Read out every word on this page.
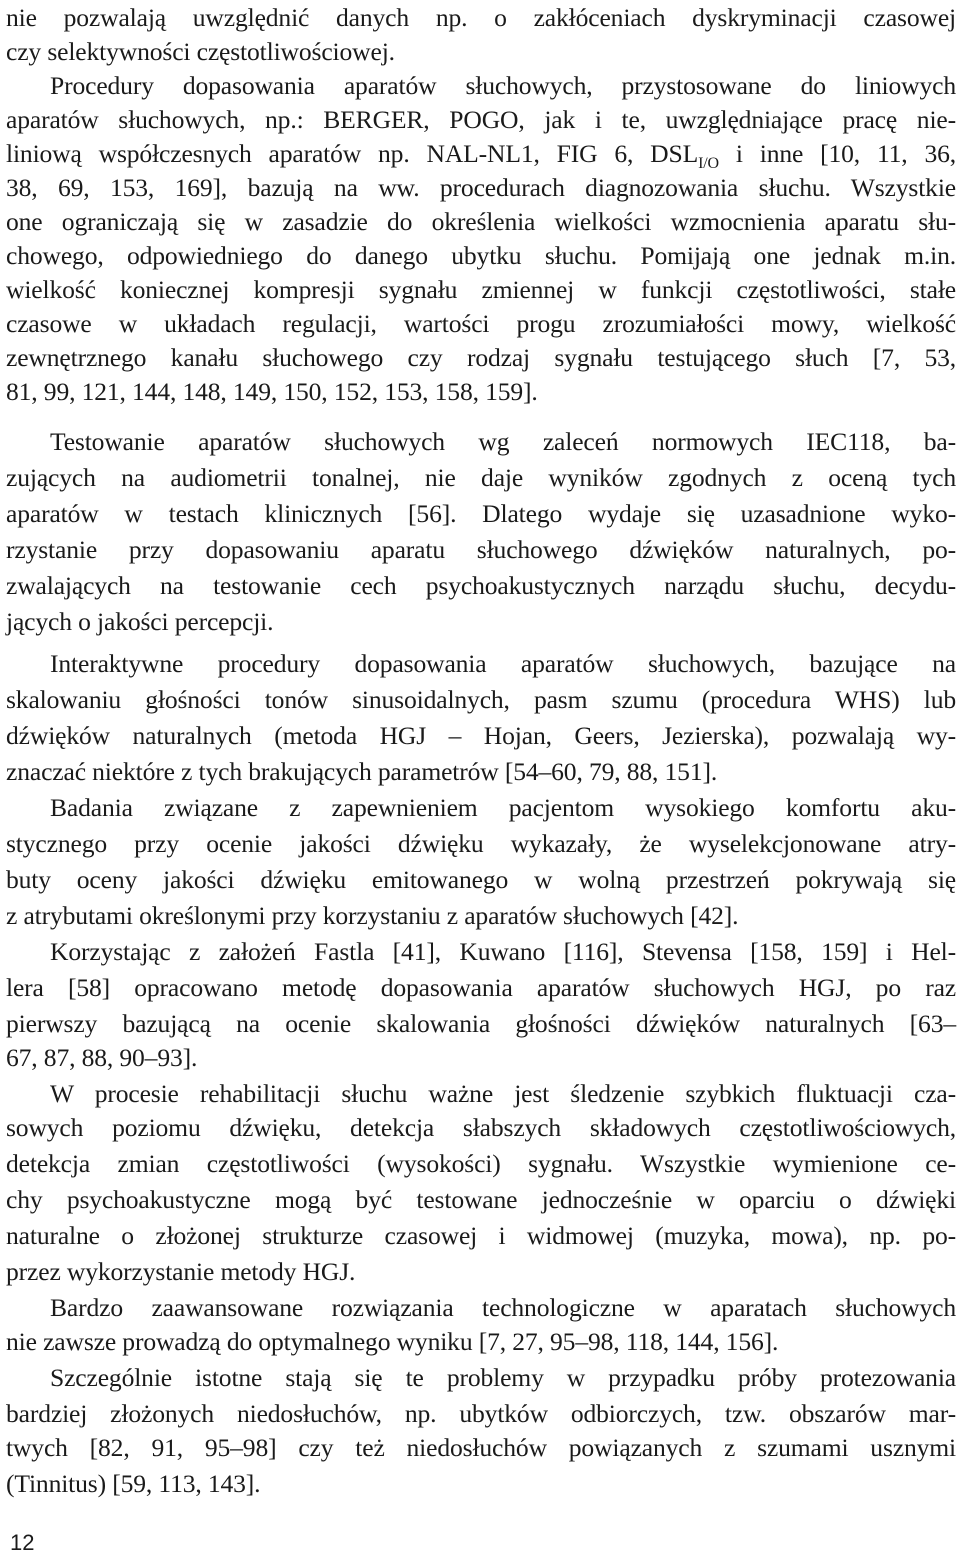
nie pozwalają uwzględnić danych np. o zakłóceniach dyskryminacji czasowej
czy selektywności częstotliwościowej.
Procedury dopasowania aparatów słuchowych, przystosowane do liniowych
aparatów słuchowych, np.: BERGER, POGO, jak i te, uwzględniające pracę nie-
liniową współczesnych aparatów np. NAL-NL1, FIG 6, $DSL_{I/O}$ i inne [10, 11, 36,
38, 69, 153, 169], bazują na ww. procedurach diagnozowania słuchu. Wszystkie
one ograniczają się w zasadzie do określenia wielkości wzmocnienia aparatu słu-
chowego, odpowiedniego do danego ubytku słuchu. Pomijają one jednak m.in.
wielkość koniecznej kompresji sygnału zmiennej w funkcji częstotliwości, stałe
czasowe w układach regulacji, wartości progu zrozumiałości mowy, wielkość
zewnętrznego kanału słuchowego czy rodzaj sygnału testującego słuch [7, 53,
81, 99, 121, 144, 148, 149, 150, 152, 153, 158, 159].
Testowanie aparatów słuchowych wg zaleceń normowych IEC118, ba-
zujących na audiometrii tonalnej, nie daje wyników zgodnych z oceną tych
aparatów w testach klinicznych [56]. Dlatego wydaje się uzasadnione wyko-
rzystanie przy dopasowaniu aparatu słuchowego dźwięków naturalnych, po-
zwalających na testowanie cech psychoakustycznych narządu słuchu, decydu-
jących o jakości percepcji.
Interaktywne procedury dopasowania aparatów słuchowych, bazujące na
skalowaniu głośności tonów sinusoidalnych, pasm szumu (procedura WHS) lub
dźwięków naturalnych (metoda HGJ – Hojan, Geers, Jezierska), pozwalają wy-
znaczać niektóre z tych brakujących parametrów [54–60, 79, 88, 151].
Badania związane z zapewnieniem pacjentom wysokiego komfortu aku-
stycznego przy ocenie jakości dźwięku wykazały, że wyselekcjonowane atry-
buty oceny jakości dźwięku emitowanego w wolną przestrzeń pokrywają się
z atrybutami określonymi przy korzystaniu z aparatów słuchowych [42].
Korzystając z założeń Fastla [41], Kuwano [116], Stevensa [158, 159] i Hel-
lera [58] opracowano metodę dopasowania aparatów słuchowych HGJ, po raz
pierwszy bazującą na ocenie skalowania głośności dźwięków naturalnych [63–
67, 87, 88, 90–93].
W procesie rehabilitacji słuchu ważne jest śledzenie szybkich fluktuacji cza-
sowych poziomu dźwięku, detekcja słabszych składowych częstotliwościowych,
detekcja zmian częstotliwości (wysokości) sygnału. Wszystkie wymienione ce-
chy psychoakustyczne mogą być testowane jednocześnie w oparciu o dźwięki
naturalne o złożonej strukturze czasowej i widmowej (muzyka, mowa), np. po-
przez wykorzystanie metody HGJ.
Bardzo zaawansowane rozwiązania technologiczne w aparatach słuchowych
nie zawsze prowadzą do optymalnego wyniku [7, 27, 95–98, 118, 144, 156].
Szczególnie istotne stają się te problemy w przypadku próby protezowania
bardziej złożonych niedosłuchów, np. ubytków odbiorczych, tzw. obszarów mar-
twych [82, 91, 95–98] czy też niedosłuchów powiązanych z szumami usznymi
(Tinnitus) [59, 113, 143].
12
